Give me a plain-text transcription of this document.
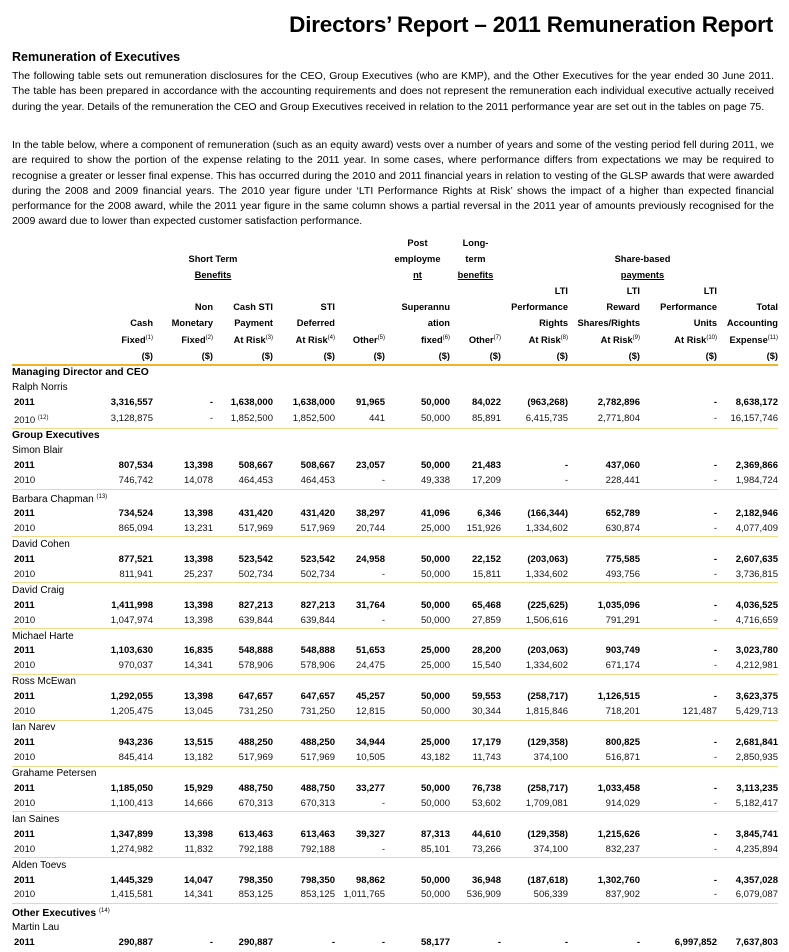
Directors’ Report – 2011 Remuneration Report
Remuneration of Executives

The following table sets out remuneration disclosures for the CEO, Group Executives (who are KMP), and the Other Executives for the year ended 30 June 2011. The table has been prepared in accordance with the accounting requirements and does not represent the remuneration each individual executive actually received during the year. Details of the remuneration the CEO and Group Executives received in relation to the 2011 performance year are set out in the tables on page 75.

In the table below, where a component of remuneration (such as an equity award) vests over a number of years and some of the vesting period fell during 2011, we are required to show the portion of the expense relating to the 2011 year. In some cases, where performance differs from expectations we may be required to recognise a greater or lesser final expense. This has occurred during the 2010 and 2011 financial years in relation to vesting of the GLSP awards that were awarded during the 2008 and 2009 financial years. The 2010 year figure under ‘LTI Performance Rights at Risk’ shows the impact of a higher than expected financial performance for the 2008 award, while the 2011 year figure in the same column shows a partial reversal in the 2011 year of amounts previously recognised for the 2009 award due to lower than expected customer satisfaction performance.

						Post	Long-				
		Short Term				employme	term		Share-based		
		Benefits				nt	benefits		payments		
								LTI	LTI	LTI	
		Non	Cash STI	STI		Superannu		Performance	Reward	Performance	Total
	Cash	Monetary	Payment	Deferred		ation		Rights	Shares/Rights	Units	Accounting
	Fixed$^{(1)}$	Fixed$^{(2)}$	At Risk$^{(3)}$	At Risk$^{(4)}$	Other$^{(5)}$	fixed$^{(6)}$	Other$^{(7)}$	At Risk$^{(8)}$	At Risk$^{(9)}$	At Risk$^{(10)}$	Expense$^{(11)}$
	($)	($)	($)	($)	($)	($)	($)	($)	($)	($)	($)
Managing Director and CEO											
Ralph Norris											
2011	3,316,557	-	1,638,000	1,638,000	91,965	50,000	84,022	(963,268)	2,782,896	-	8,638,172
2010 $^{(12)}$	3,128,875	-	1,852,500	1,852,500	441	50,000	85,891	6,415,735	2,771,804	-	16,157,746
Group Executives											
Simon Blair											
2011	807,534	13,398	508,667	508,667	23,057	50,000	21,483	-	437,060	-	2,369,866
2010	746,742	14,078	464,453	464,453	-	49,338	17,209	-	228,441	-	1,984,724
Barbara Chapman $^{(13)}$
2011	734,524	13,398	431,420	431,420	38,297	41,096	6,346	(166,344)	652,789	-	2,182,946
2010	865,094	13,231	517,969	517,969	20,744	25,000	151,926	1,334,602	630,874	-	4,077,409
David Cohen											
2011	877,521	13,398	523,542	523,542	24,958	50,000	22,152	(203,063)	775,585	-	2,607,635
2010	811,941	25,237	502,734	502,734	-	50,000	15,811	1,334,602	493,756	-	3,736,815
David Craig											
2011	1,411,998	13,398	827,213	827,213	31,764	50,000	65,468	(225,625)	1,035,096	-	4,036,525
2010	1,047,974	13,398	639,844	639,844	-	50,000	27,859	1,506,616	791,291	-	4,716,659
Michael Harte											
2011	1,103,630	16,835	548,888	548,888	51,653	25,000	28,200	(203,063)	903,749	-	3,023,780
2010	970,037	14,341	578,906	578,906	24,475	25,000	15,540	1,334,602	671,174	-	4,212,981
Ross McEwan											
2011	1,292,055	13,398	647,657	647,657	45,257	50,000	59,553	(258,717)	1,126,515	-	3,623,375
2010	1,205,475	13,045	731,250	731,250	12,815	50,000	30,344	1,815,846	718,201	121,487	5,429,713
Ian Narev											
2011	943,236	13,515	488,250	488,250	34,944	25,000	17,179	(129,358)	800,825	-	2,681,841
2010	845,414	13,182	517,969	517,969	10,505	43,182	11,743	374,100	516,871	-	2,850,935
Grahame Petersen											
2011	1,185,050	15,929	488,750	488,750	33,277	50,000	76,738	(258,717)	1,033,458	-	3,113,235
2010	1,100,413	14,666	670,313	670,313	-	50,000	53,602	1,709,081	914,029	-	5,182,417
Ian Saines											
2011	1,347,899	13,398	613,463	613,463	39,327	87,313	44,610	(129,358)	1,215,626	-	3,845,741
2010	1,274,982	11,832	792,188	792,188	-	85,101	73,266	374,100	832,237	-	4,235,894
Alden Toevs											
2011	1,445,329	14,047	798,350	798,350	98,862	50,000	36,948	(187,618)	1,302,760	-	4,357,028
2010	1,415,581	14,341	853,125	853,125	1,011,765	50,000	536,909	506,339	837,902	-	6,079,087
Other Executives $^{(14)}$
Martin Lau											
2011	290,887	-	290,887	-	-	58,177	-	-	-	6,997,852	7,637,803
